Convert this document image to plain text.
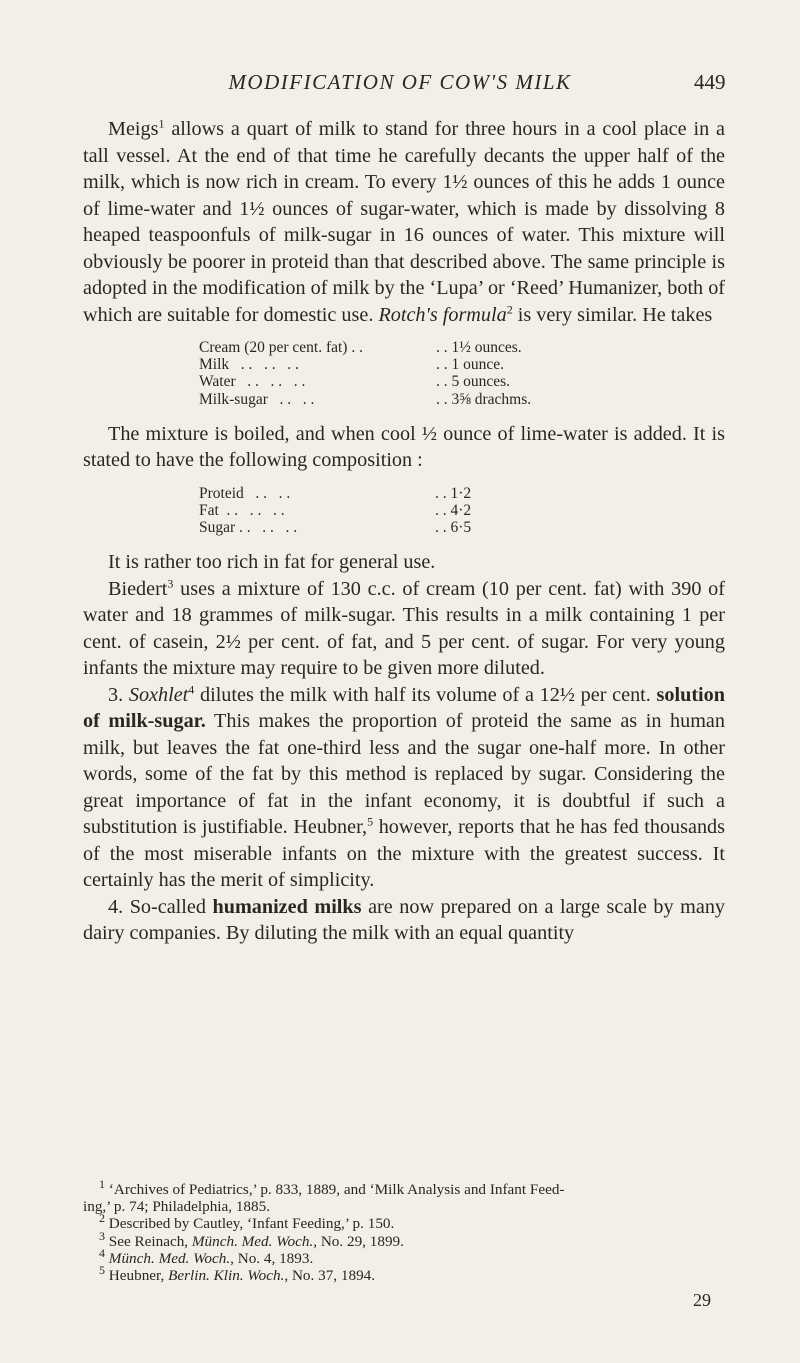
MODIFICATION OF COW'S MILK	449

Meigs$^1$ allows a quart of milk to stand for three hours in a cool place in a tall vessel. At the end of that time he carefully decants the upper half of the milk, which is now rich in cream. To every 1½ ounces of this he adds 1 ounce of lime-water and 1½ ounces of sugar-water, which is made by dissolving 8 heaped teaspoonfuls of milk-sugar in 16 ounces of water. This mixture will obviously be poorer in proteid than that described above. The same principle is adopted in the modification of milk by the ‘Lupa’ or ‘Reed’ Humanizer, both of which are suitable for domestic use. Rotch's formula$^2$ is very similar. He takes

Cream (20 per cent. fat) . .	. . 1½ ounces.
Milk   . .   . .   . .	. . 1 ounce.
Water   . .   . .   . .	. . 5 ounces.
Milk-sugar   . .   . .	. . 3⅝ drachms.

The mixture is boiled, and when cool ½ ounce of lime-water is added. It is stated to have the following composition :

Proteid   . .   . .	. . 1·2
Fat  . .   . .   . .	. . 4·2
Sugar . .   . .   . .	. . 6·5

It is rather too rich in fat for general use.

Biedert$^3$ uses a mixture of 130 c.c. of cream (10 per cent. fat) with 390 of water and 18 grammes of milk-sugar. This results in a milk containing 1 per cent. of casein, 2½ per cent. of fat, and 5 per cent. of sugar. For very young infants the mixture may require to be given more diluted.

3. Soxhlet$^4$ dilutes the milk with half its volume of a 12½ per cent. solution of milk-sugar. This makes the proportion of proteid the same as in human milk, but leaves the fat one-third less and the sugar one-half more. In other words, some of the fat by this method is replaced by sugar. Considering the great importance of fat in the infant economy, it is doubtful if such a substitution is justifiable. Heubner,$^5$ however, reports that he has fed thousands of the most miserable infants on the mixture with the greatest success. It certainly has the merit of simplicity.

4. So-called humanized milks are now prepared on a large scale by many dairy companies. By diluting the milk with an equal quantity

$^1$ ‘Archives of Pediatrics,’ p. 833, 1889, and ‘Milk Analysis and Infant Feed-

ing,’ p. 74; Philadelphia, 1885.

$^2$ Described by Cautley, ‘Infant Feeding,’ p. 150.

$^3$ See Reinach, Münch. Med. Woch., No. 29, 1899.

$^4$ Münch. Med. Woch., No. 4, 1893.

$^5$ Heubner, Berlin. Klin. Woch., No. 37, 1894.

29
